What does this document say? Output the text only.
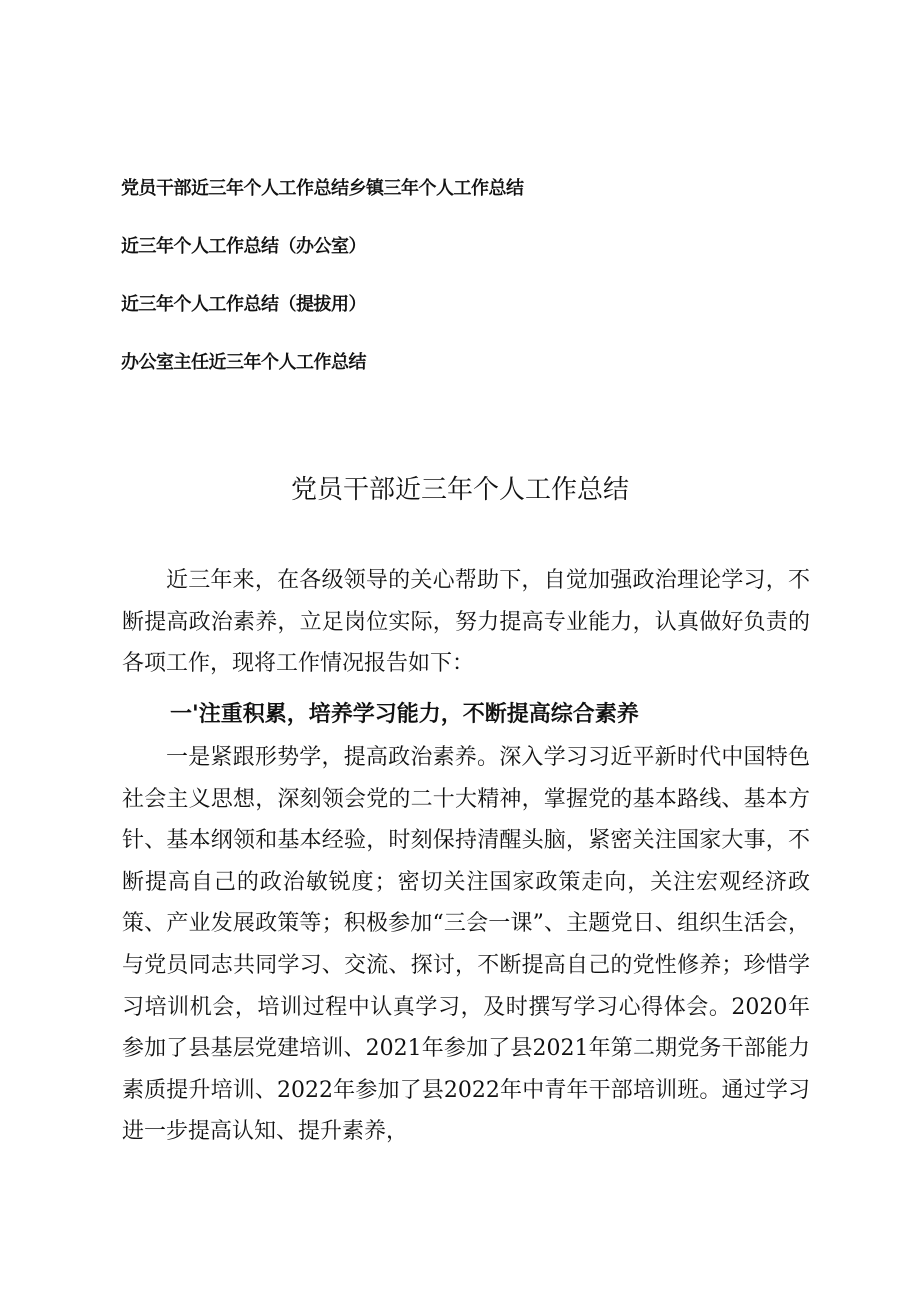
党员干部近三年个人工作总结乡镇三年个人工作总结
近三年个人工作总结（办公室）
近三年个人工作总结（提拔用）
办公室主任近三年个人工作总结
党员干部近三年个人工作总结

近三年来，在各级领导的关心帮助下，自觉加强政治理论学习，不断提高政治素养，立足岗位实际，努力提高专业能力，认真做好负责的各项工作，现将工作情况报告如下：

一'注重积累，培养学习能力，不断提高综合素养

一是紧跟形势学，提高政治素养。深入学习习近平新时代中国特色社会主义思想，深刻领会党的二十大精神，掌握党的基本路线、基本方针、基本纲领和基本经验，时刻保持清醒头脑，紧密关注国家大事，不断提高自己的政治敏锐度；密切关注国家政策走向，关注宏观经济政策、产业发展政策等；积极参加“三会一课”、主题党日、组织生活会，与党员同志共同学习、交流、探讨，不断提高自己的党性修养；珍惜学习培训机会，培训过程中认真学习，及时撰写学习心得体会。2020年参加了县基层党建培训、2021年参加了县2021年第二期党务干部能力素质提升培训、2022年参加了县2022年中青年干部培训班。通过学习进一步提高认知、提升素养，
